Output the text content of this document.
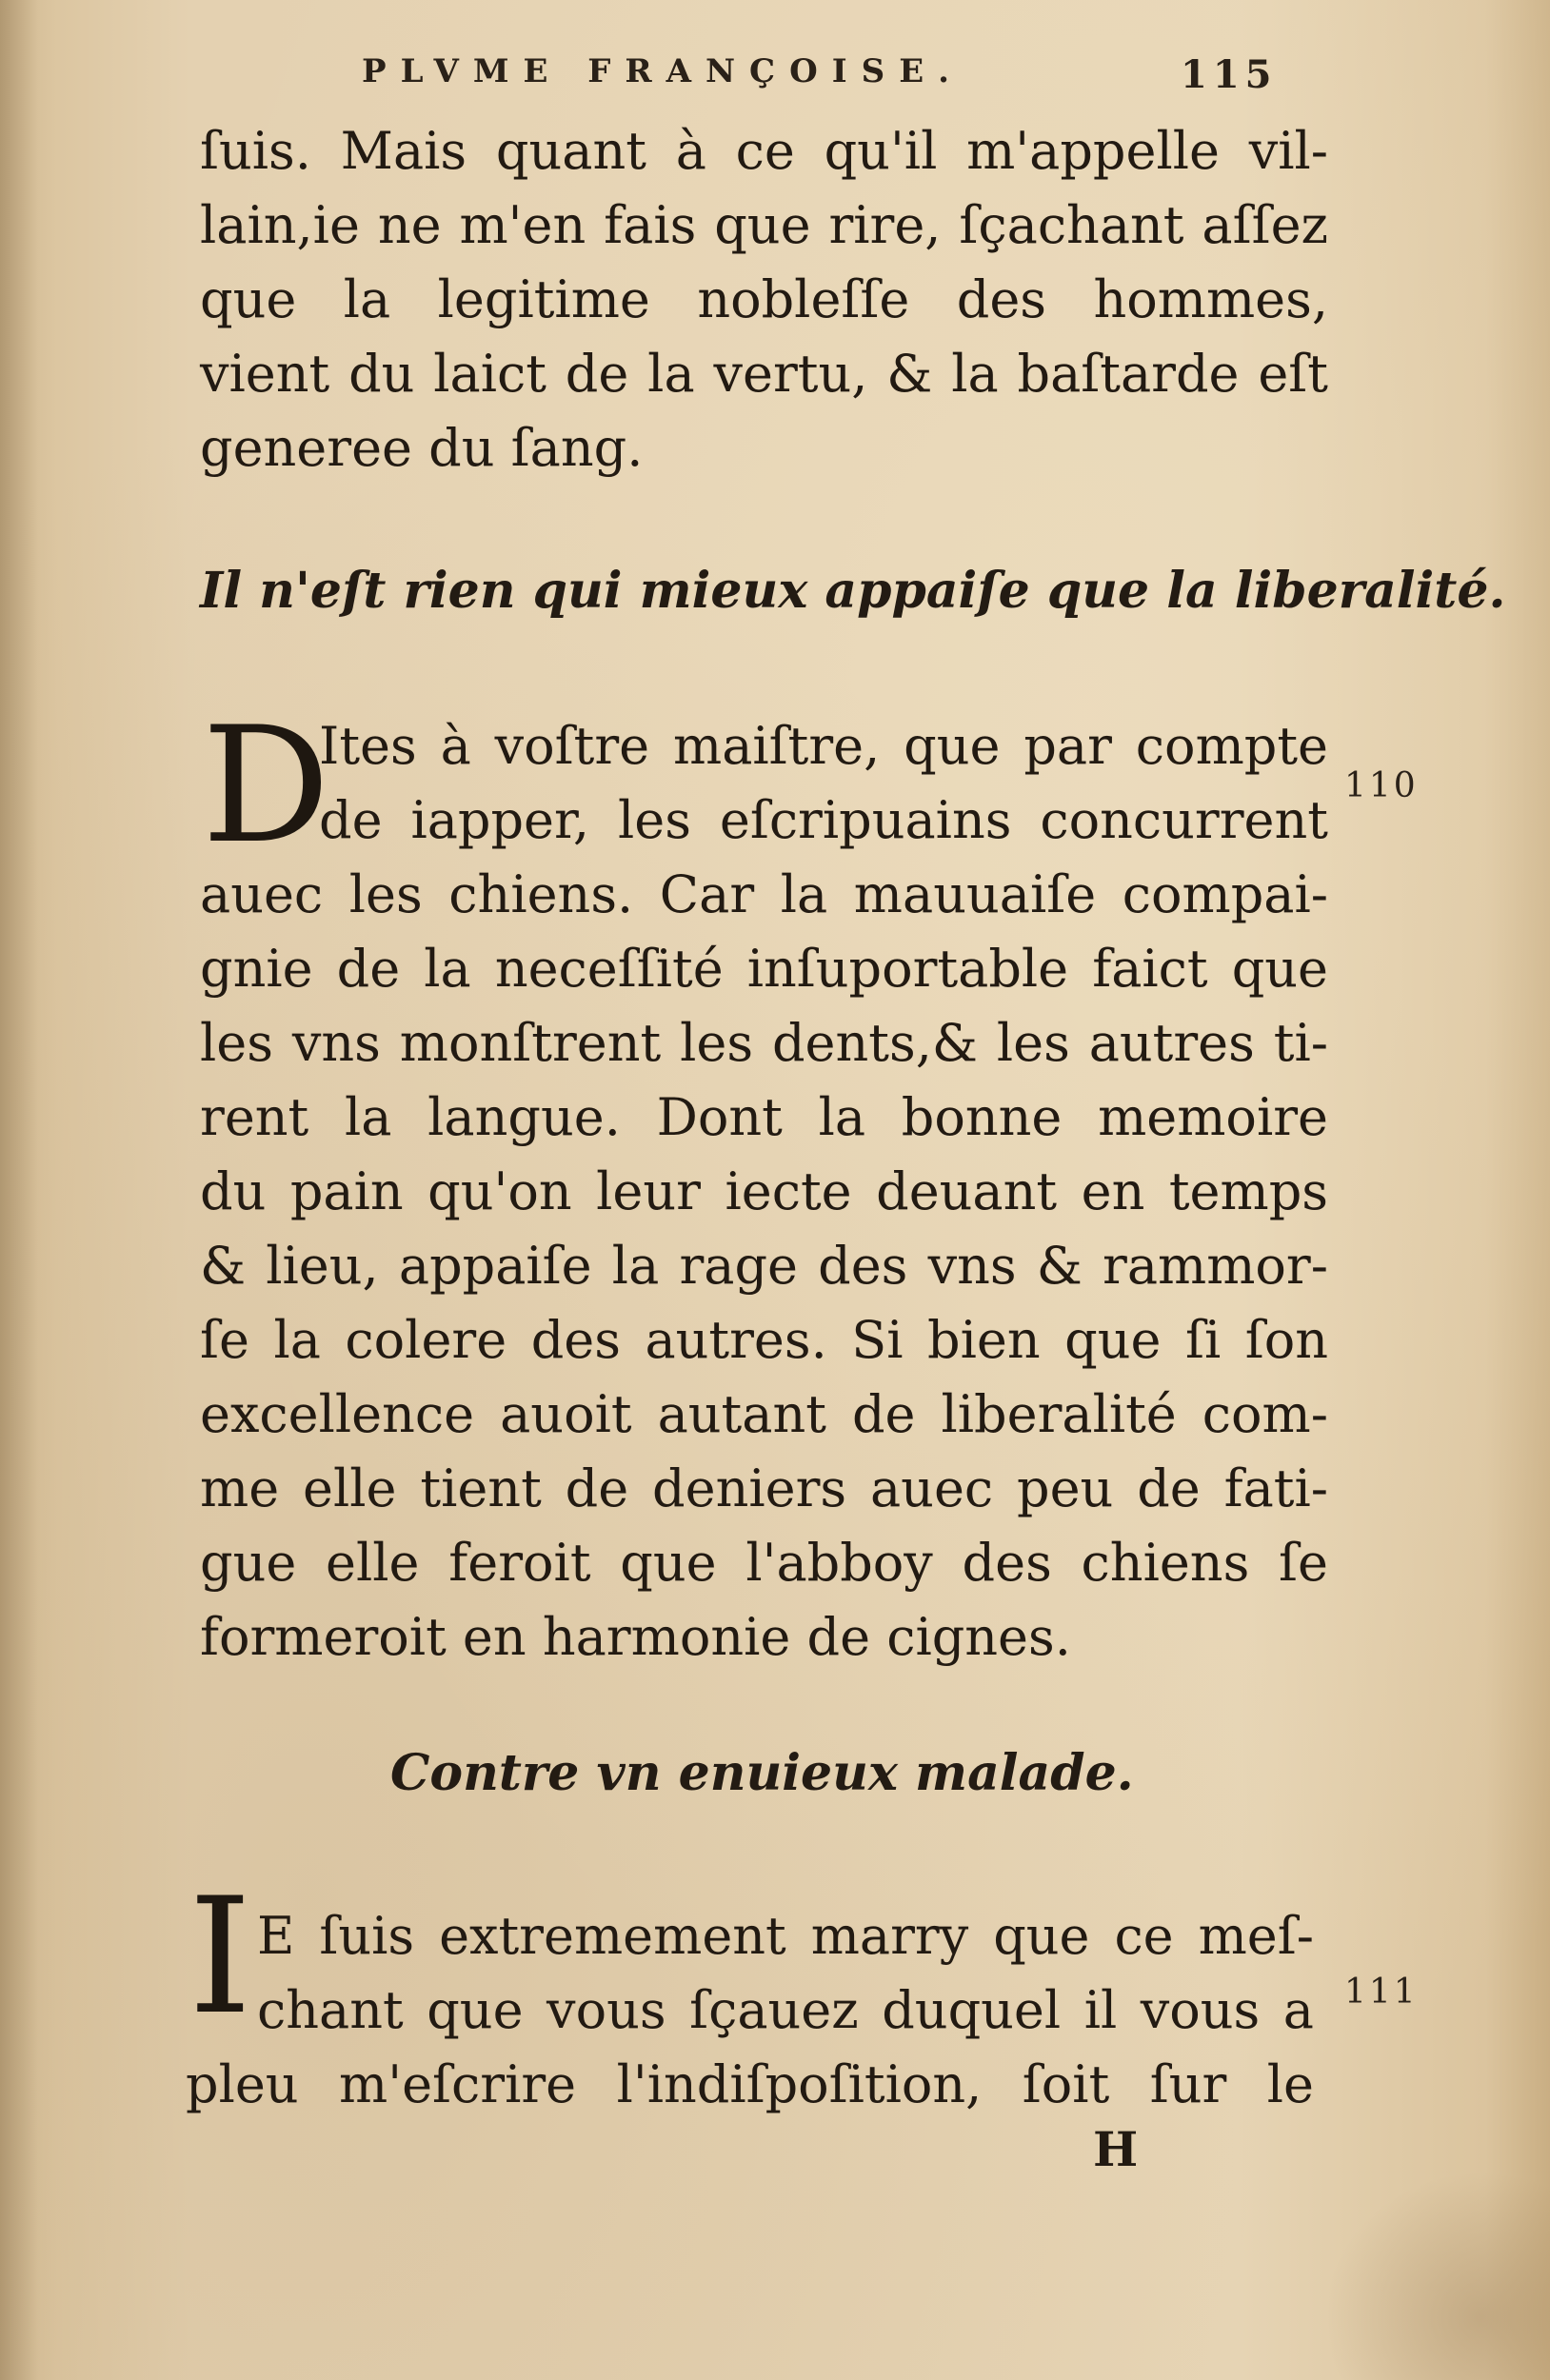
PLVME FRANÇOISE.	115
ſuis. Mais quant à ce qu'il m'appelle vil-
lain,ie ne m'en fais que rire, ſçachant aſſez
que la legitime nobleſſe des hommes,
vient du laict de la vertu, & la baſtarde eſt
generee du ſang.
Il n'eſt rien qui mieux appaiſe que la liberalité.
D	110
Ites à voſtre maiſtre, que par compte
de iapper, les eſcripuains concurrent
auec les chiens. Car la mauuaiſe compai-
gnie de la neceſſité inſuportable faict que
les vns monſtrent les dents,& les autres ti-
rent la langue. Dont la bonne memoire
du pain qu'on leur iecte deuant en temps
& lieu, appaiſe la rage des vns & rammor-
ſe la colere des autres. Si bien que ſi ſon
excellence auoit autant de liberalité com-
me elle tient de deniers auec peu de fati-
gue elle feroit que l'abboy des chiens ſe
formeroit en harmonie de cignes.
Contre vn enuieux malade.
I	111
E ſuis extremement marry que ce meſ-
chant que vous ſçauez duquel il vous a
pleu m'eſcrire l'indiſpoſition, ſoit ſur le
H
